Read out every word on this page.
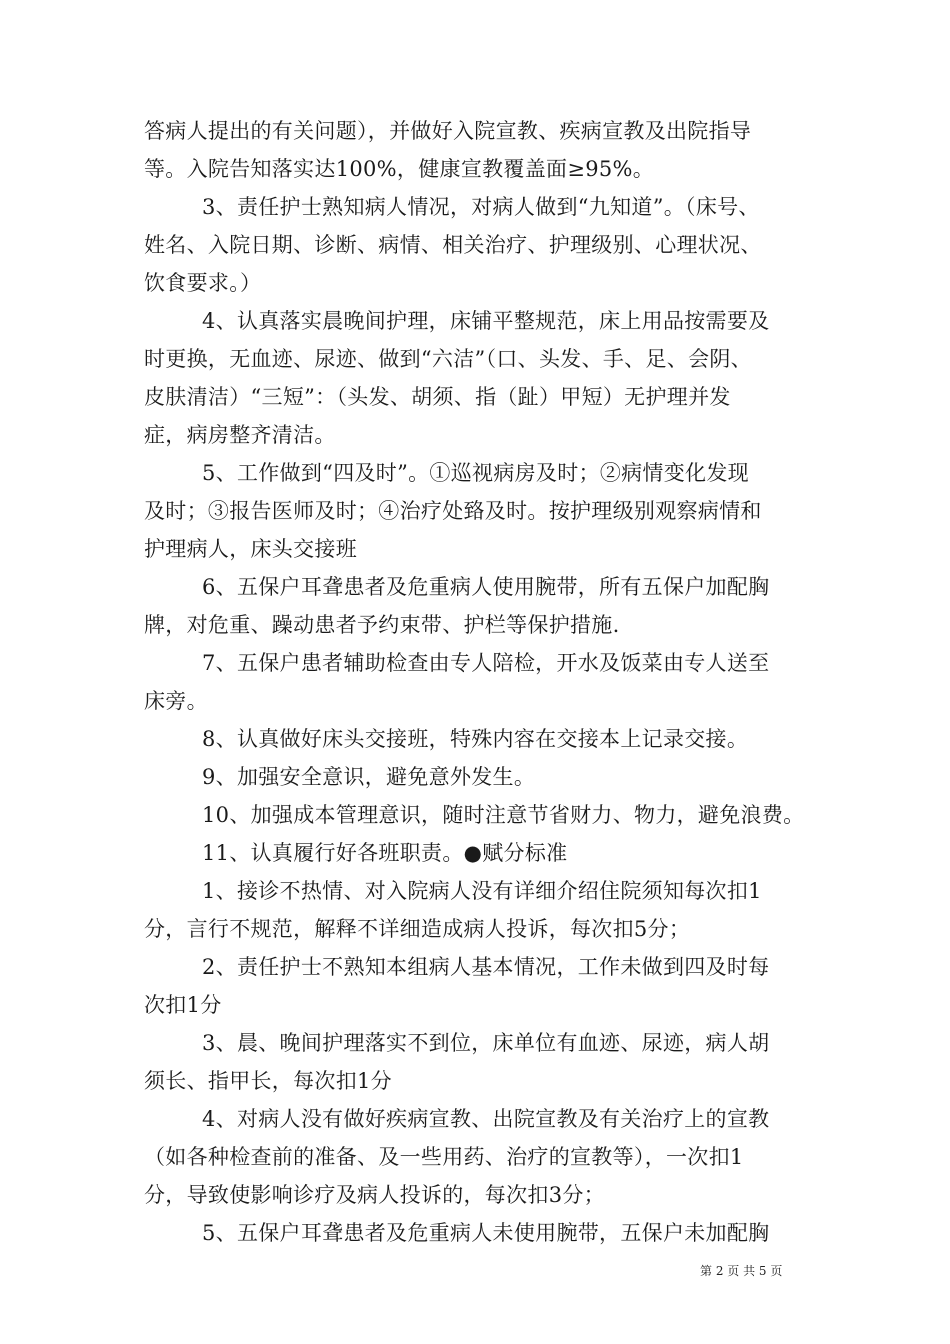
答病人提出的有关问题），并做好入院宣教、疾病宣教及出院指导
等。入院告知落实达100%，健康宣教覆盖面≥95%。
3、责任护士熟知病人情况，对病人做到“九知道”。（床号、
姓名、入院日期、诊断、病情、相关治疗、护理级别、心理状况、
饮食要求。）
4、认真落实晨晚间护理，床铺平整规范，床上用品按需要及
时更换，无血迹、尿迹、做到“六洁”（口、头发、手、足、会阴、
皮肤清洁）“三短”：（头发、胡须、指（趾）甲短）无护理并发
症，病房整齐清洁。
5、工作做到“四及时”。①巡视病房及时；②病情变化发现
及时；③报告医师及时；④治疗处臵及时。按护理级别观察病情和
护理病人，床头交接班
6、五保户耳聋患者及危重病人使用腕带，所有五保户加配胸
牌，对危重、躁动患者予约束带、护栏等保护措施.
7、五保户患者辅助检查由专人陪检，开水及饭菜由专人送至
床旁。
8、认真做好床头交接班，特殊内容在交接本上记录交接。
9、加强安全意识，避免意外发生。
10、加强成本管理意识，随时注意节省财力、物力，避免浪费。
11、认真履行好各班职责。●赋分标准
1、接诊不热情、对入院病人没有详细介绍住院须知每次扣1
分，言行不规范，解释不详细造成病人投诉，每次扣5分；
2、责任护士不熟知本组病人基本情况，工作未做到四及时每
次扣1分
3、晨、晚间护理落实不到位，床单位有血迹、尿迹，病人胡
须长、指甲长，每次扣1分
4、对病人没有做好疾病宣教、出院宣教及有关治疗上的宣教
（如各种检查前的准备、及一些用药、治疗的宣教等），一次扣1
分，导致使影响诊疗及病人投诉的，每次扣3分；
5、五保户耳聋患者及危重病人未使用腕带，五保户未加配胸
第 2 页 共 5 页
